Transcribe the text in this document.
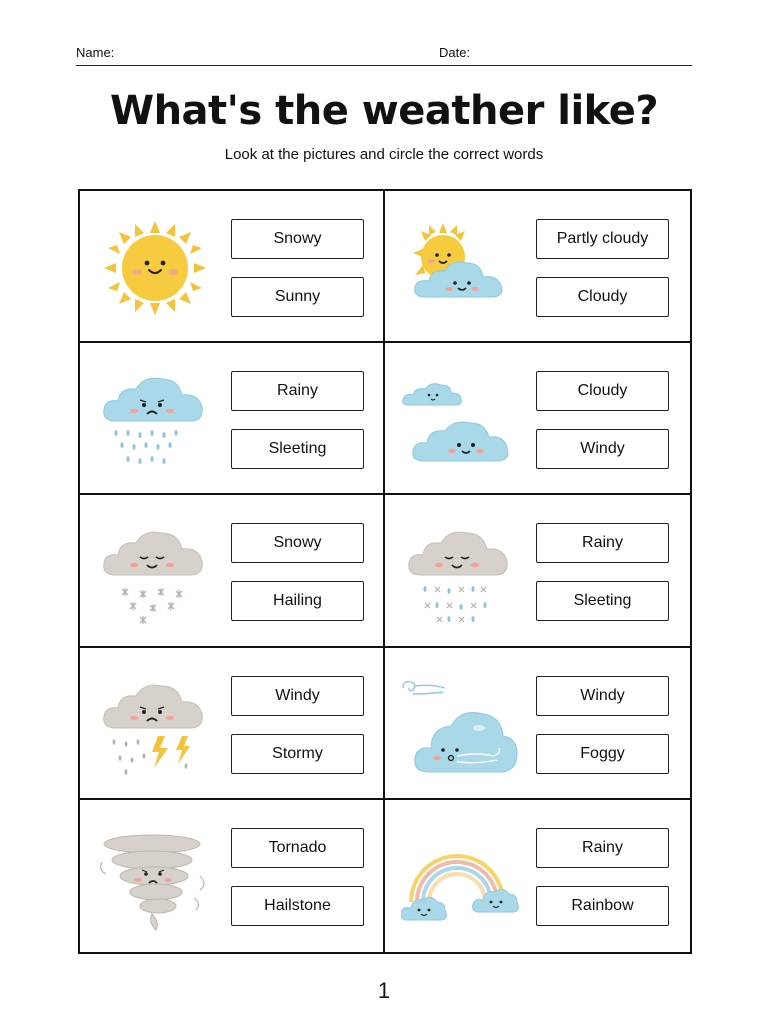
Name:	Date:
What's the weather like?
Look at the pictures and circle the correct words
Snowy
Sunny
Partly cloudy
Cloudy
Rainy
Sleeting
Cloudy
Windy
Snowy
Hailing
Rainy
Sleeting
Windy
Stormy
Windy
Foggy
Tornado
Hailstone
Rainy
Rainbow
1
